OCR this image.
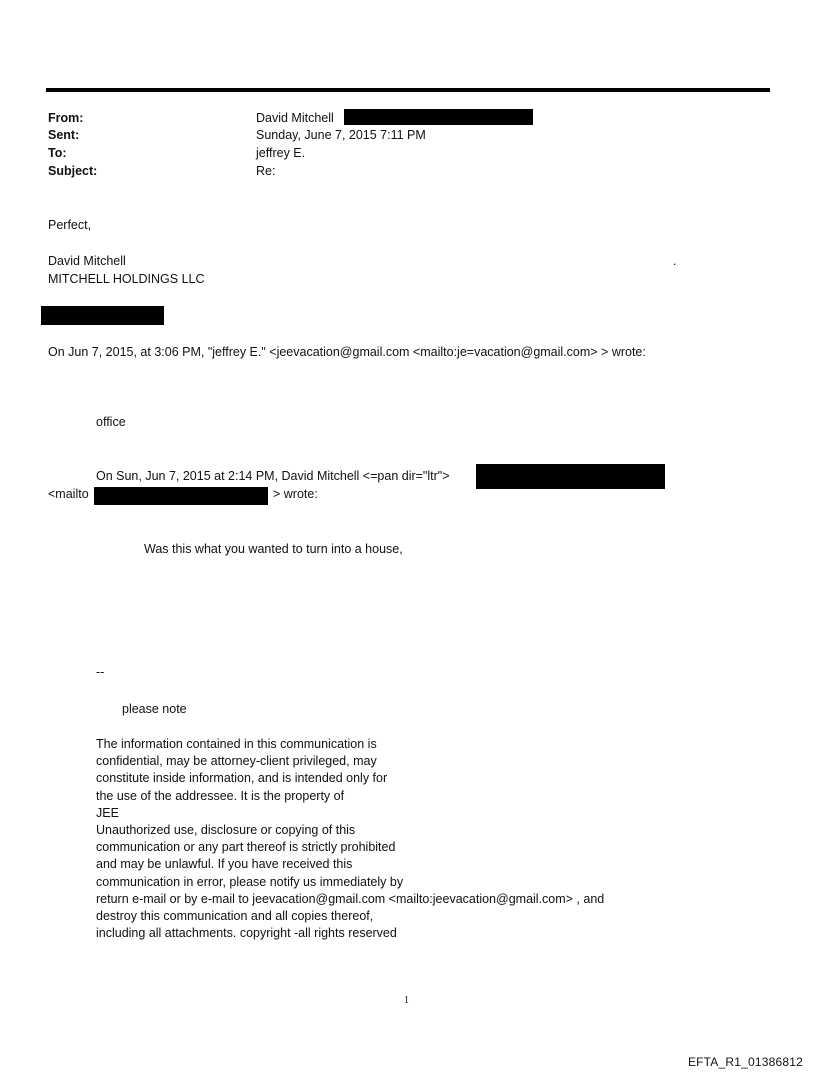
From:	David Mitchell
Sent:	Sunday, June 7, 2015 7:11 PM
To:	jeffrey E.
Subject:	Re:
Perfect,
David Mitchell	.
MITCHELL HOLDINGS LLC
On Jun 7, 2015, at 3:06 PM, "jeffrey E." <jeevacation@gmail.com <mailto:je=vacation@gmail.com> > wrote:
office
On Sun, Jun 7, 2015 at 2:14 PM, David Mitchell <=pan dir="ltr">
<mailto	> wrote:
Was this what you wanted to turn into a house,
--
please note
The information contained in this communication is
confidential, may be attorney-client privileged, may
constitute inside information, and is intended only for
the use of the addressee. It is the property of
JEE
Unauthorized use, disclosure or copying of this
communication or any part thereof is strictly prohibited
and may be unlawful. If you have received this
communication in error, please notify us immediately by
return e-mail or by e-mail to jeevacation@gmail.com <mailto:jeevacation@gmail.com> , and
destroy this communication and all copies thereof,
including all attachments. copyright -all rights reserved
1
EFTA_R1_01386812
